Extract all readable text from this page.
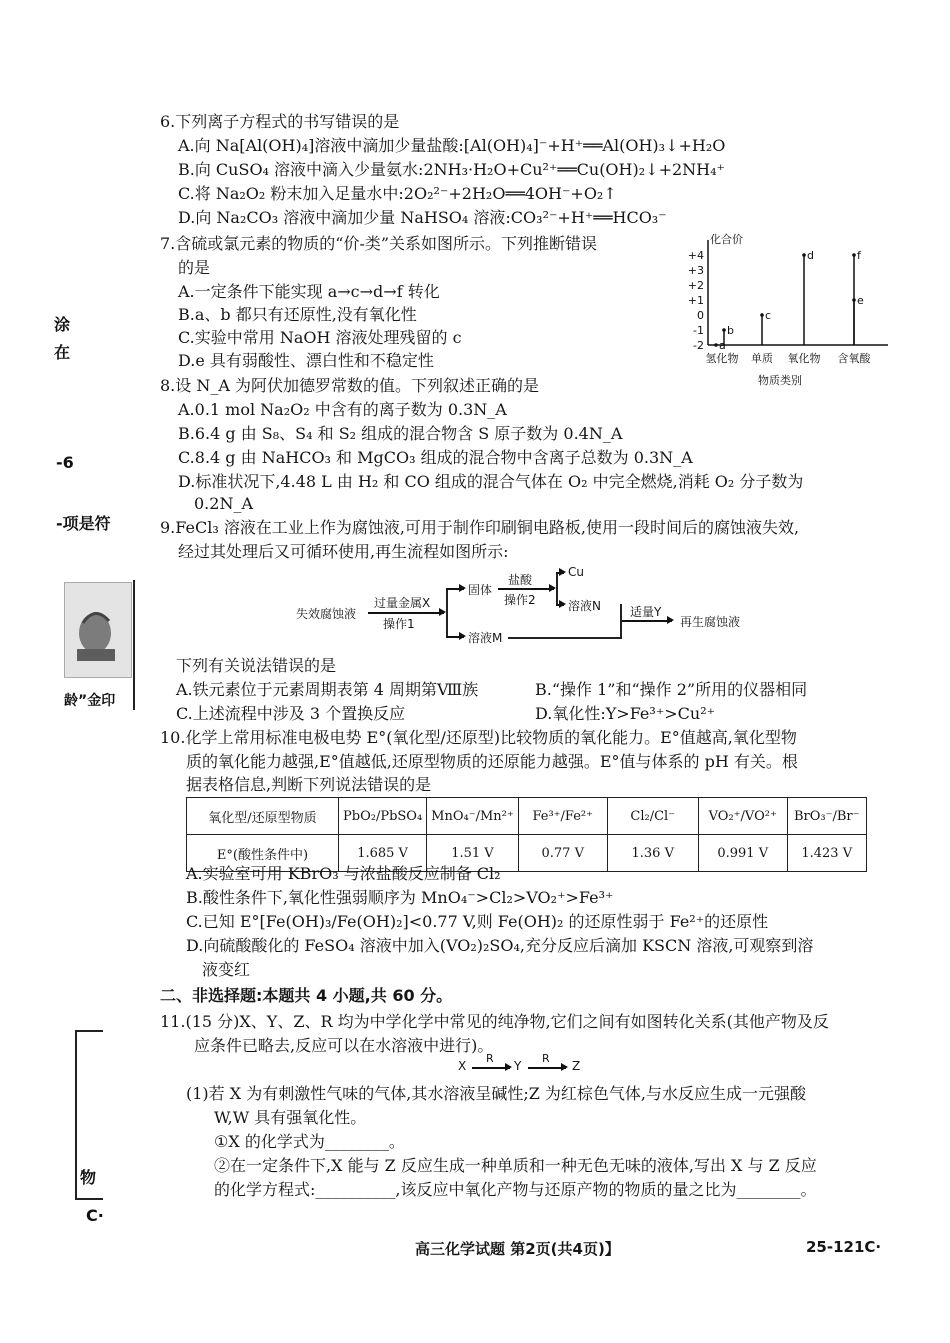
涂
在
-6
-项是符
龄”金印
物
C·
6.下列离子方程式的书写错误的是
A.向 Na[Al(OH)₄]溶液中滴加少量盐酸:[Al(OH)₄]⁻+H⁺══Al(OH)₃↓+H₂O
B.向 CuSO₄ 溶液中滴入少量氨水:2NH₃·H₂O+Cu²⁺══Cu(OH)₂↓+2NH₄⁺
C.将 Na₂O₂ 粉末加入足量水中:2O₂²⁻+2H₂O══4OH⁻+O₂↑
D.向 Na₂CO₃ 溶液中滴加少量 NaHSO₄ 溶液:CO₃²⁻+H⁺══HCO₃⁻
7.含硫或氯元素的物质的“价-类”关系如图所示。下列推断错误
的是
A.一定条件下能实现 a→c→d→f 转化
B.a、b 都只有还原性,没有氧化性
C.实验中常用 NaOH 溶液处理残留的 c
D.e 具有弱酸性、漂白性和不稳定性
化合价
+4
+3
+2
+1
0
-1
-2
氢化物 单质 氧化物 含氧酸
a
b
c
d
e
f
物质类别
8.设 N_A 为阿伏加德罗常数的值。下列叙述正确的是
A.0.1 mol Na₂O₂ 中含有的离子数为 0.3N_A
B.6.4 g 由 S₈、S₄ 和 S₂ 组成的混合物含 S 原子数为 0.4N_A
C.8.4 g 由 NaHCO₃ 和 MgCO₃ 组成的混合物中含离子总数为 0.3N_A
D.标准状况下,4.48 L 由 H₂ 和 CO 组成的混合气体在 O₂ 中完全燃烧,消耗 O₂ 分子数为
0.2N_A
9.FeCl₃ 溶液在工业上作为腐蚀液,可用于制作印刷铜电路板,使用一段时间后的腐蚀液失效,
经过其处理后又可循环使用,再生流程如图所示:
失效腐蚀液
过量金属X
操作1
固体
盐酸
操作2
Cu
溶液N
溶液M
适量Y
再生腐蚀液
下列有关说法错误的是
A.铁元素位于元素周期表第 4 周期第Ⅷ族	B.“操作 1”和“操作 2”所用的仪器相同
C.上述流程中涉及 3 个置换反应	D.氧化性:Y>Fe³⁺>Cu²⁺
10.化学上常用标准电极电势 E°(氧化型/还原型)比较物质的氧化能力。E°值越高,氧化型物
质的氧化能力越强,E°值越低,还原型物质的还原能力越强。E°值与体系的 pH 有关。根
据表格信息,判断下列说法错误的是
氧化型/还原型物质	PbO₂/PbSO₄	MnO₄⁻/Mn²⁺	Fe³⁺/Fe²⁺	Cl₂/Cl⁻	VO₂⁺/VO²⁺	BrO₃⁻/Br⁻
E°(酸性条件中)	1.685 V	1.51 V	0.77 V	1.36 V	0.991 V	1.423 V
A.实验室可用 KBrO₃ 与浓盐酸反应制备 Cl₂
B.酸性条件下,氧化性强弱顺序为 MnO₄⁻>Cl₂>VO₂⁺>Fe³⁺
C.已知 E°[Fe(OH)₃/Fe(OH)₂]<0.77 V,则 Fe(OH)₂ 的还原性弱于 Fe²⁺的还原性
D.向硫酸酸化的 FeSO₄ 溶液中加入(VO₂)₂SO₄,充分反应后滴加 KSCN 溶液,可观察到溶
液变红
二、非选择题:本题共 4 小题,共 60 分。
11.(15 分)X、Y、Z、R 均为中学化学中常见的纯净物,它们之间有如图转化关系(其他产物及反
应条件已略去,反应可以在水溶液中进行)。
X
R
Y
R
Z
(1)若 X 为有刺激性气味的气体,其水溶液呈碱性;Z 为红棕色气体,与水反应生成一元强酸
W,W 具有强氧化性。
①X 的化学式为________。
②在一定条件下,X 能与 Z 反应生成一种单质和一种无色无味的液体,写出 X 与 Z 反应
的化学方程式:__________,该反应中氧化产物与还原产物的物质的量之比为________。
高三化学试题 第2页(共4页)】	25-121C·
